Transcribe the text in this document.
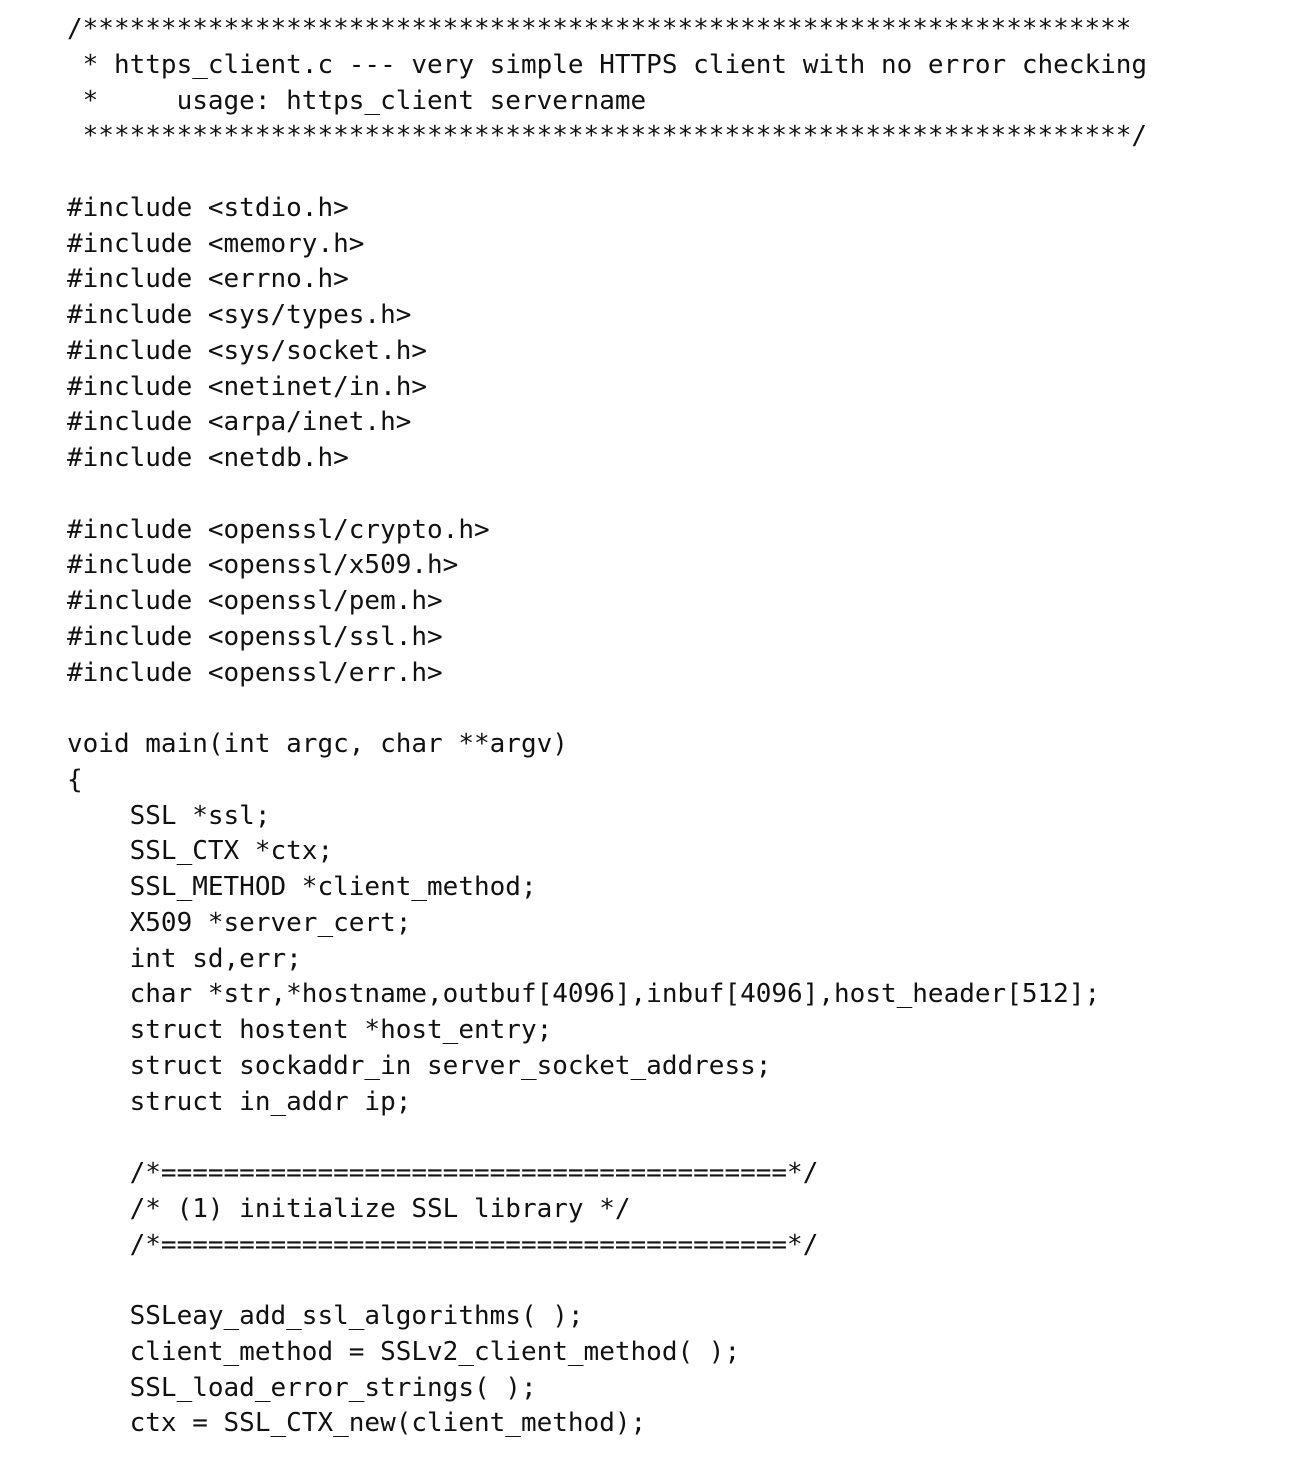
/*******************************************************************
* https_client.c --- very simple HTTPS client with no error checking
*     usage: https_client servername
*******************************************************************/
#include <stdio.h>
#include <memory.h>
#include <errno.h>
#include <sys/types.h>
#include <sys/socket.h>
#include <netinet/in.h>
#include <arpa/inet.h>
#include <netdb.h>
#include <openssl/crypto.h>
#include <openssl/x509.h>
#include <openssl/pem.h>
#include <openssl/ssl.h>
#include <openssl/err.h>
void main(int argc, char **argv)
{
SSL *ssl;
SSL_CTX *ctx;
SSL_METHOD *client_method;
X509 *server_cert;
int sd,err;
char *str,*hostname,outbuf[4096],inbuf[4096],host_header[512];
struct hostent *host_entry;
struct sockaddr_in server_socket_address;
struct in_addr ip;
/*========================================*/
/* (1) initialize SSL library */
/*========================================*/
SSLeay_add_ssl_algorithms( );
client_method = SSLv2_client_method( );
SSL_load_error_strings( );
ctx = SSL_CTX_new(client_method);
